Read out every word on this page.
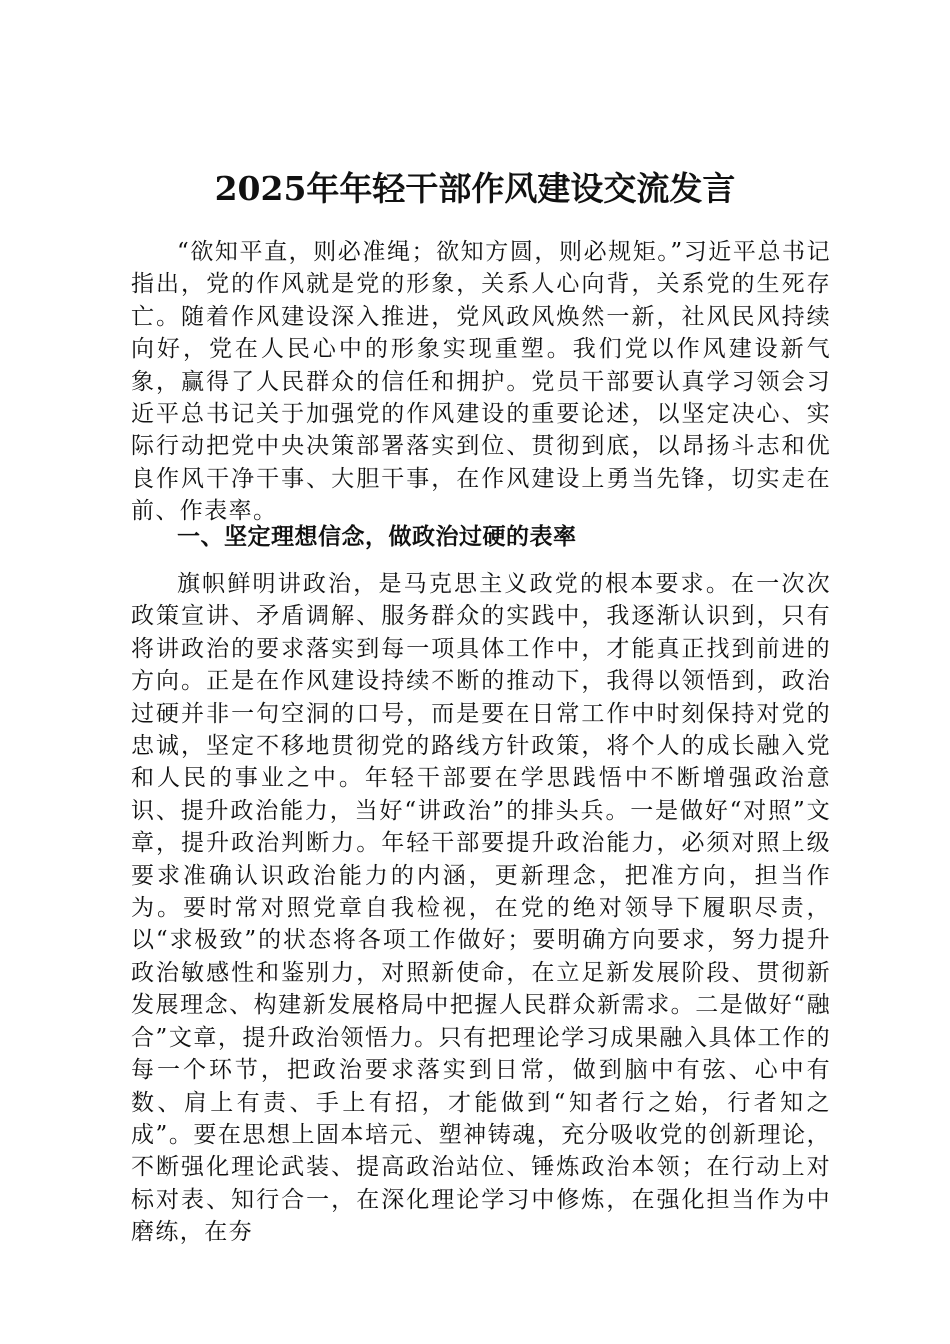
2025年年轻干部作风建设交流发言

“欲知平直，则必准绳；欲知方圆，则必规矩。”习近平总书记指出，党的作风就是党的形象，关系人心向背，关系党的生死存亡。随着作风建设深入推进，党风政风焕然一新，社风民风持续向好，党在人民心中的形象实现重塑。我们党以作风建设新气象，赢得了人民群众的信任和拥护。党员干部要认真学习领会习近平总书记关于加强党的作风建设的重要论述，以坚定决心、实际行动把党中央决策部署落实到位、贯彻到底，以昂扬斗志和优良作风干净干事、大胆干事，在作风建设上勇当先锋，切实走在前、作表率。

一、坚定理想信念，做政治过硬的表率

旗帜鲜明讲政治，是马克思主义政党的根本要求。在一次次政策宣讲、矛盾调解、服务群众的实践中，我逐渐认识到，只有将讲政治的要求落实到每一项具体工作中，才能真正找到前进的方向。正是在作风建设持续不断的推动下，我得以领悟到，政治过硬并非一句空洞的口号，而是要在日常工作中时刻保持对党的忠诚，坚定不移地贯彻党的路线方针政策，将个人的成长融入党和人民的事业之中。年轻干部要在学思践悟中不断增强政治意识、提升政治能力，当好“讲政治”的排头兵。一是做好“对照”文章，提升政治判断力。年轻干部要提升政治能力，必须对照上级要求准确认识政治能力的内涵，更新理念，把准方向，担当作为。要时常对照党章自我检视，在党的绝对领导下履职尽责，以“求极致”的状态将各项工作做好；要明确方向要求，努力提升政治敏感性和鉴别力，对照新使命，在立足新发展阶段、贯彻新发展理念、构建新发展格局中把握人民群众新需求。二是做好“融合”文章，提升政治领悟力。只有把理论学习成果融入具体工作的每一个环节，把政治要求落实到日常，做到脑中有弦、心中有数、肩上有责、手上有招，才能做到“知者行之始，行者知之成”。要在思想上固本培元、塑神铸魂，充分吸收党的创新理论，不断强化理论武装、提高政治站位、锤炼政治本领；在行动上对标对表、知行合一，在深化理论学习中修炼，在强化担当作为中磨练，在夯
